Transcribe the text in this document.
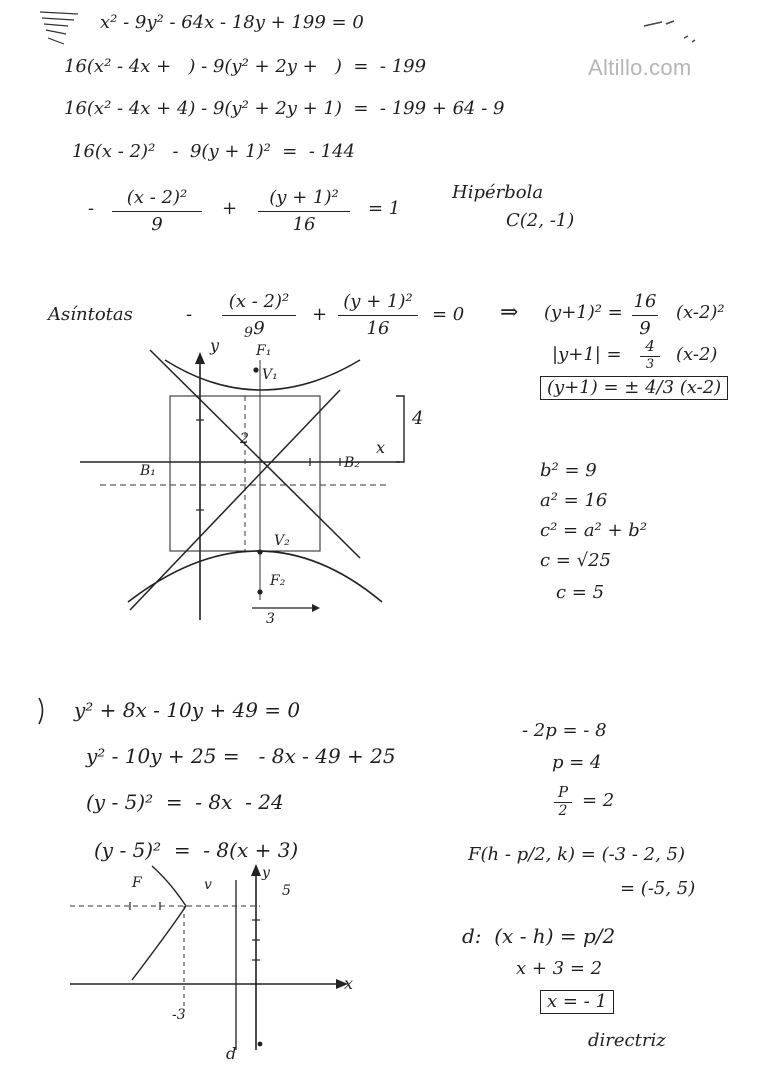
Altillo.com
x² - 9y² - 64x - 18y + 199 = 0
16(x² - 4x +   ) - 9(y² + 2y +   )  =  - 199
16(x² - 4x + 4) - 9(y² + 2y + 1)  =  - 199 + 64 - 9
16(x - 2)²   -  9(y + 1)²  =  - 144
-
(x - 2)²
9
+
(y + 1)²
16
= 1
Hipérbola
C(2, -1)
Asíntotas	-
(x - 2)²
9
+
(y + 1)²
16
= 0 ⇒ (y+1)² =
16
9
(x-2)²
|y+1| =	4
3	(x-2)
(y+1) = ± 4/3 (x-2)
b² = 9
a² = 16
c² = a² + b²
c = √25
c = 5
y
9
F₁
V₁
2	x
4
B₁	B₂
V₂
F₂
3
y² + 8x - 10y + 49 = 0
y² - 10y + 25 =   - 8x - 49 + 25
(y - 5)²  =  - 8x  - 24
(y - 5)²  =  - 8(x + 3)
- 2p = - 8
p = 4
P
2 = 2
F(h - p/2, k) = (-3 - 2, 5)
= (-5, 5)
d:  (x - h) = p/2
x + 3 = 2
x = - 1
directriz
F	v
y
5
x
-3
d
